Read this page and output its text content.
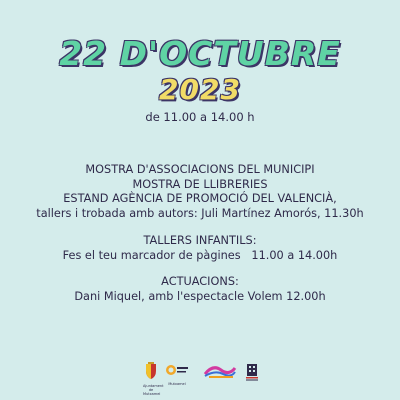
22 D'OCTUBRE
2023
de 11.00 a 14.00 h
MOSTRA D'ASSOCIACIONS DEL MUNICIPI
MOSTRA DE LLIBRERIES
ESTAND AGÈNCIA DE PROMOCIÓ DEL VALENCIÀ,
tallers i trobada amb autors: Juli Martínez Amorós, 11.30h
TALLERS INFANTILS:
Fes el teu marcador de pàgines   11.00 a 14.00h
ACTUACIONS:
Dani Miquel, amb l'espectacle Volem 12.00h
Ajuntament de Mutxamel
Mutxamel
